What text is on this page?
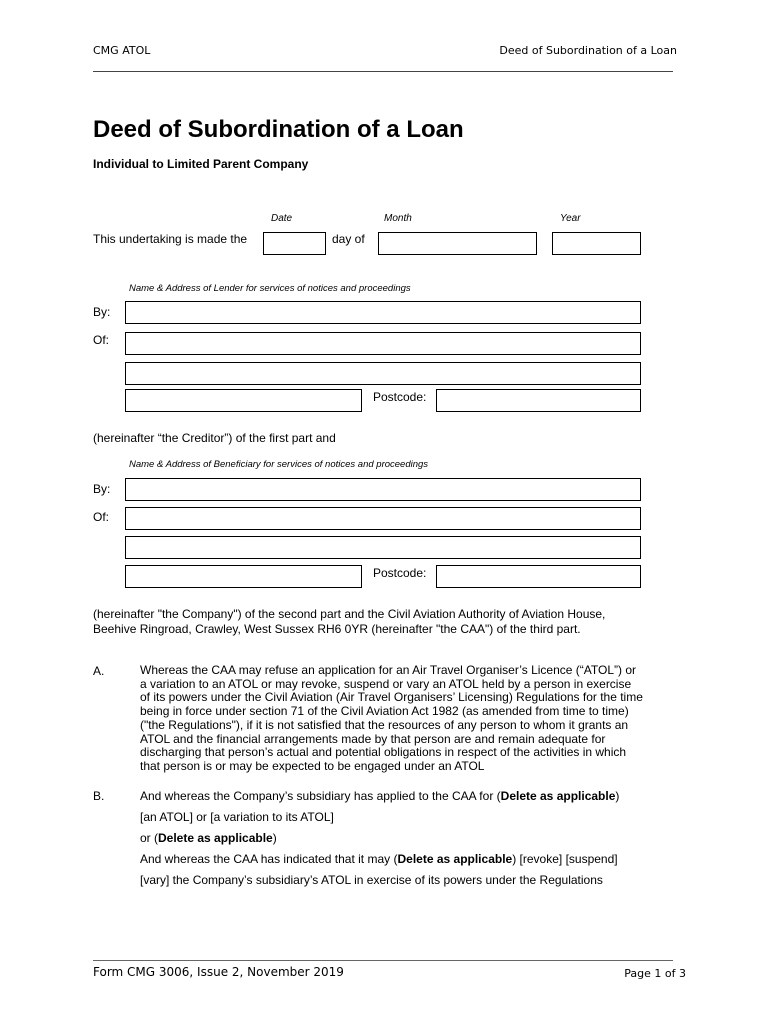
CMG ATOL	Deed of Subordination of a Loan
Deed of Subordination of a Loan
Individual to Limited Parent Company
Date	Month	Year
This undertaking is made the	day of
Name & Address of Lender for services of notices and proceedings
By:
Of:
Postcode:
(hereinafter “the Creditor”) of the first part and
Name & Address of Beneficiary for services of notices and proceedings
By:
Of:
Postcode:
(hereinafter "the Company") of the second part and the Civil Aviation Authority of Aviation House,
Beehive Ringroad, Crawley, West Sussex RH6 0YR (hereinafter "the CAA") of the third part.
A.	Whereas the CAA may refuse an application for an Air Travel Organiser’s Licence (“ATOL”) or
a variation to an ATOL or may revoke, suspend or vary an ATOL held by a person in exercise
of its powers under the Civil Aviation (Air Travel Organisers’ Licensing) Regulations for the time
being in force under section 71 of the Civil Aviation Act 1982 (as amended from time to time)
("the Regulations"), if it is not satisfied that the resources of any person to whom it grants an
ATOL and the financial arrangements made by that person are and remain adequate for
discharging that person’s actual and potential obligations in respect of the activities in which
that person is or may be expected to be engaged under an ATOL
B.	And whereas the Company’s subsidiary has applied to the CAA for (Delete as applicable)
[an ATOL] or [a variation to its ATOL]
or (Delete as applicable)
And whereas the CAA has indicated that it may (Delete as applicable) [revoke] [suspend]
[vary] the Company’s subsidiary’s ATOL in exercise of its powers under the Regulations
Form CMG 3006, Issue 2, November 2019	Page 1 of 3
